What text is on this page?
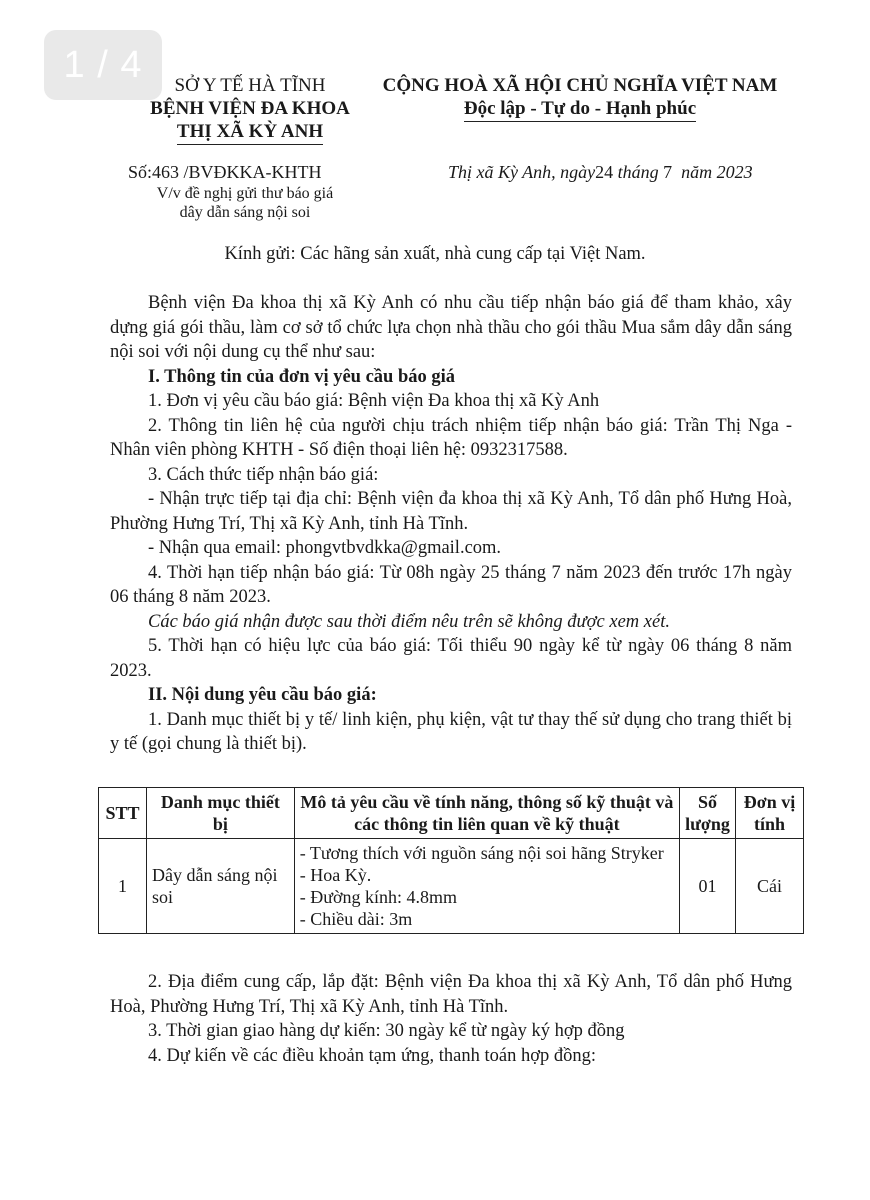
1 / 4	SỞ Y TẾ HÀ TĨNH
BỆNH VIỆN ĐA KHOA
THỊ XÃ KỲ ANH
CỘNG HOÀ XÃ HỘI CHỦ NGHĨA VIỆT NAM
Độc lập - Tự do - Hạnh phúc
Số:463 /BVĐKKA-KHTH	Thị xã Kỳ Anh, ngày24 tháng 7 năm 2023
V/v đề nghị gửi thư báo giá
dây dẫn sáng nội soi
Kính gửi: Các hãng sản xuất, nhà cung cấp tại Việt Nam.

Bệnh viện Đa khoa thị xã Kỳ Anh có nhu cầu tiếp nhận báo giá để tham khảo, xây dựng giá gói thầu, làm cơ sở tổ chức lựa chọn nhà thầu cho gói thầu Mua sắm dây dẫn sáng nội soi với nội dung cụ thể như sau:

I. Thông tin của đơn vị yêu cầu báo giá

1. Đơn vị yêu cầu báo giá: Bệnh viện Đa khoa thị xã Kỳ Anh

2. Thông tin liên hệ của người chịu trách nhiệm tiếp nhận báo giá: Trần Thị Nga - Nhân viên phòng KHTH - Số điện thoại liên hệ: 0932317588.

3. Cách thức tiếp nhận báo giá:

- Nhận trực tiếp tại địa chỉ: Bệnh viện đa khoa thị xã Kỳ Anh, Tổ dân phố Hưng Hoà, Phường Hưng Trí, Thị xã Kỳ Anh, tỉnh Hà Tĩnh.

- Nhận qua email: phongvtbvdkka@gmail.com.

4. Thời hạn tiếp nhận báo giá: Từ 08h ngày 25 tháng 7 năm 2023 đến trước 17h ngày 06 tháng 8 năm 2023.

Các báo giá nhận được sau thời điểm nêu trên sẽ không được xem xét.

5. Thời hạn có hiệu lực của báo giá: Tối thiểu 90 ngày kể từ ngày 06 tháng 8 năm 2023.

II. Nội dung yêu cầu báo giá:

1. Danh mục thiết bị y tế/ linh kiện, phụ kiện, vật tư thay thế sử dụng cho trang thiết bị y tế (gọi chung là thiết bị).

STT	Danh mục thiết bị	Mô tả yêu cầu về tính năng, thông số kỹ thuật và các thông tin liên quan về kỹ thuật	Số lượng	Đơn vị tính
1	Dây dẫn sáng nội soi	- Tương thích với nguồn sáng nội soi hãng Stryker - Hoa Kỳ.
- Đường kính: 4.8mm
- Chiều dài: 3m	01	Cái

2. Địa điểm cung cấp, lắp đặt: Bệnh viện Đa khoa thị xã Kỳ Anh, Tổ dân phố Hưng Hoà, Phường Hưng Trí, Thị xã Kỳ Anh, tỉnh Hà Tĩnh.

3. Thời gian giao hàng dự kiến: 30 ngày kể từ ngày ký hợp đồng

4. Dự kiến về các điều khoản tạm ứng, thanh toán hợp đồng:
